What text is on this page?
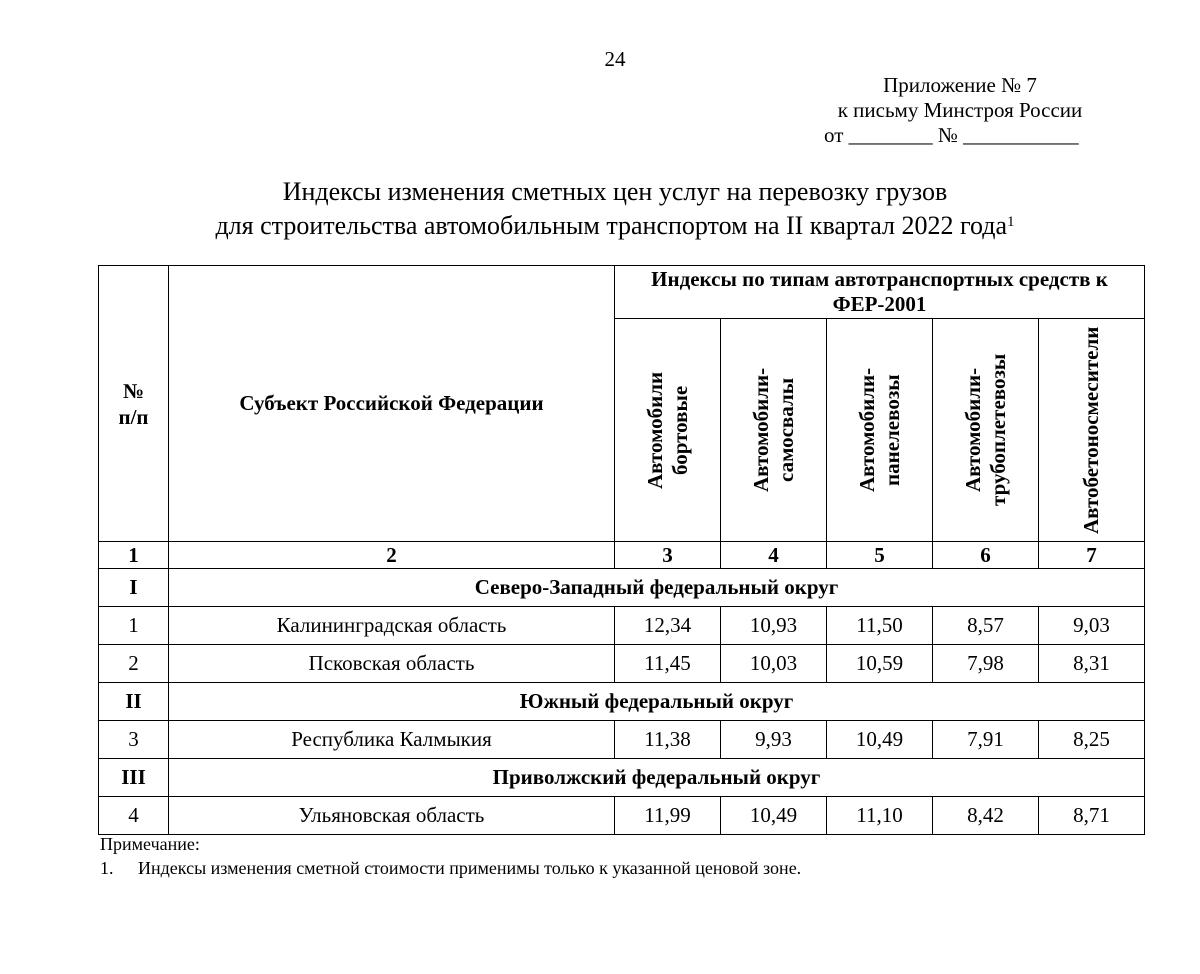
24
Приложение № 7
к письму Минстроя России
от ________ № ___________
Индексы изменения сметных цен услуг на перевозку грузов
для строительства автомобильным транспортом на II квартал 2022 года$^1$
№ п/п	Субъект Российской Федерации	Индексы по типам автотранспортных средств к ФЕР-2001				

		Автомобили бортовые	Автомобили-самосвалы	Автомобили-панелевозы	Автомобили-трубоплетевозы	Автобетоносмесители

1	2	3	4	5	6	7
I	Северо-Западный федеральный округ					
1	Калининградская область	12,34	10,93	11,50	8,57	9,03
2	Псковская область	11,45	10,03	10,59	7,98	8,31
II	Южный федеральный округ					
3	Республика Калмыкия	11,38	9,93	10,49	7,91	8,25
III	Приволжский федеральный округ					
4	Ульяновская область	11,99	10,49	11,10	8,42	8,71
Примечание:
1.	Индексы изменения сметной стоимости применимы только к указанной ценовой зоне.
